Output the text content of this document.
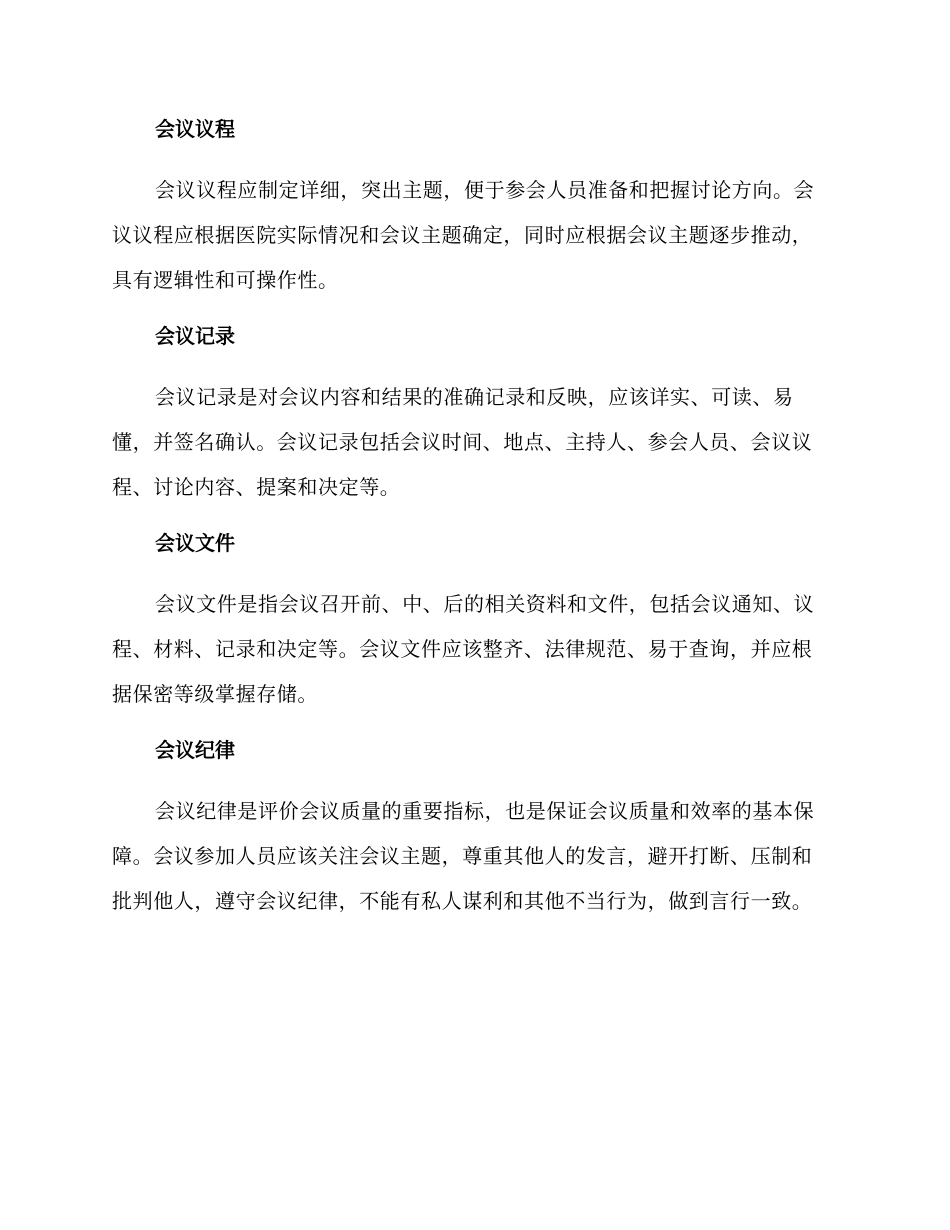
会议议程

会议议程应制定详细，突出主题，便于参会人员准备和把握讨论方向。会议议程应根据医院实际情况和会议主题确定，同时应根据会议主题逐步推动，具有逻辑性和可操作性。

会议记录

会议记录是对会议内容和结果的准确记录和反映，应该详实、可读、易懂，并签名确认。会议记录包括会议时间、地点、主持人、参会人员、会议议程、讨论内容、提案和决定等。

会议文件

会议文件是指会议召开前、中、后的相关资料和文件，包括会议通知、议程、材料、记录和决定等。会议文件应该整齐、法律规范、易于查询，并应根据保密等级掌握存储。

会议纪律

会议纪律是评价会议质量的重要指标，也是保证会议质量和效率的基本保障。会议参加人员应该关注会议主题，尊重其他人的发言，避开打断、压制和批判他人，遵守会议纪律，不能有私人谋利和其他不当行为，做到言行一致。
